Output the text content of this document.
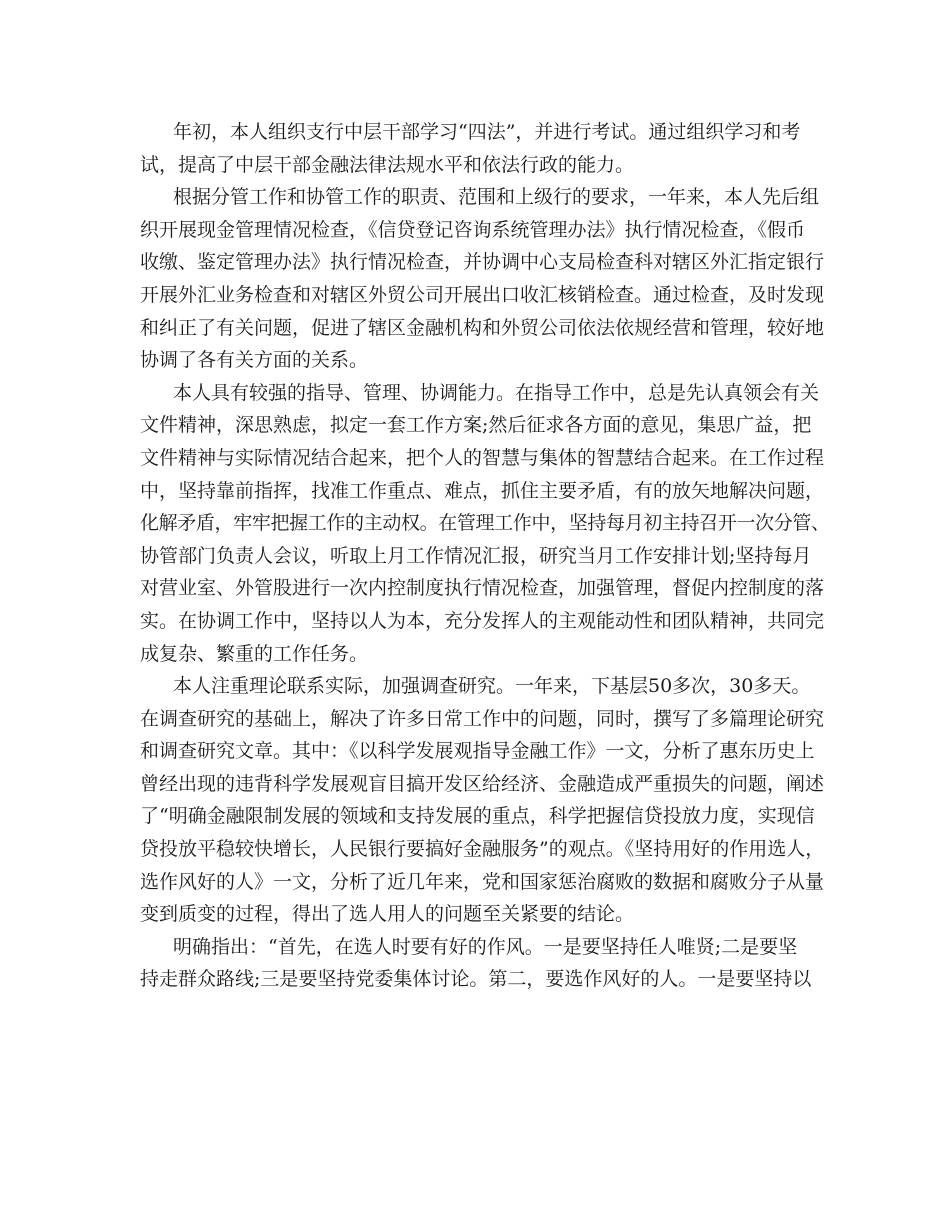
年初，本人组织支行中层干部学习“四法”，并进行考试。通过组织学习和考
试，提高了中层干部金融法律法规水平和依法行政的能力。
根据分管工作和协管工作的职责、范围和上级行的要求，一年来，本人先后组
织开展现金管理情况检查，《信贷登记咨询系统管理办法》执行情况检查，《假币
收缴、鉴定管理办法》执行情况检查，并协调中心支局检查科对辖区外汇指定银行
开展外汇业务检查和对辖区外贸公司开展出口收汇核销检查。通过检查，及时发现
和纠正了有关问题，促进了辖区金融机构和外贸公司依法依规经营和管理，较好地
协调了各有关方面的关系。
本人具有较强的指导、管理、协调能力。在指导工作中，总是先认真领会有关
文件精神，深思熟虑，拟定一套工作方案;然后征求各方面的意见，集思广益，把
文件精神与实际情况结合起来，把个人的智慧与集体的智慧结合起来。在工作过程
中，坚持靠前指挥，找准工作重点、难点，抓住主要矛盾，有的放矢地解决问题，
化解矛盾，牢牢把握工作的主动权。在管理工作中，坚持每月初主持召开一次分管、
协管部门负责人会议，听取上月工作情况汇报，研究当月工作安排计划;坚持每月
对营业室、外管股进行一次内控制度执行情况检查，加强管理，督促内控制度的落
实。在协调工作中，坚持以人为本，充分发挥人的主观能动性和团队精神，共同完
成复杂、繁重的工作任务。
本人注重理论联系实际，加强调查研究。一年来，下基层50多次，30多天。
在调查研究的基础上，解决了许多日常工作中的问题，同时，撰写了多篇理论研究
和调查研究文章。其中：《以科学发展观指导金融工作》一文，分析了惠东历史上
曾经出现的违背科学发展观盲目搞开发区给经济、金融造成严重损失的问题，阐述
了“明确金融限制发展的领域和支持发展的重点，科学把握信贷投放力度，实现信
贷投放平稳较快增长，人民银行要搞好金融服务”的观点。《坚持用好的作用选人，
选作风好的人》一文，分析了近几年来，党和国家惩治腐败的数据和腐败分子从量
变到质变的过程，得出了选人用人的问题至关紧要的结论。
明确指出：“首先，在选人时要有好的作风。一是要坚持任人唯贤;二是要坚
持走群众路线;三是要坚持党委集体讨论。第二，要选作风好的人。一是要坚持以
